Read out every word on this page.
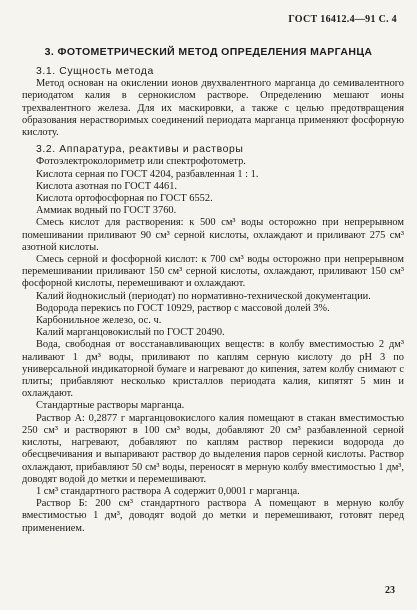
ГОСТ 16412.4—91 С. 4
3. ФОТОМЕТРИЧЕСКИЙ МЕТОД ОПРЕДЕЛЕНИЯ МАРГАНЦА

3.1. Сущность метода

Метод основан на окислении ионов двухвалентного марганца до семивалентного периодатом калия в сернокислом растворе. Определению мешают ионы трехвалентного железа. Для их маскировки, а также с целью предотвращения образования нерастворимых соединений периодата марганца применяют фосфорную кислоту.

3.2. Аппаратура, реактивы и растворы

Фотоэлектроколориметр или спектрофотометр.

Кислота серная по ГОСТ 4204, разбавленная 1 : 1.

Кислота азотная по ГОСТ 4461.

Кислота ортофосфорная по ГОСТ 6552.

Аммиак водный по ГОСТ 3760.

Смесь кислот для растворения: к 500 см³ воды осторожно при непрерывном помешивании приливают 90 см³ серной кислоты, охлаждают и приливают 275 см³ азотной кислоты.

Смесь серной и фосфорной кислот: к 700 см³ воды осторожно при непрерывном перемешивании приливают 150 см³ серной кислоты, охлаждают, приливают 150 см³ фосфорной кислоты, перемешивают и охлаждают.

Калий йоднокислый (периодат) по нормативно-технической документации.

Водорода перекись по ГОСТ 10929, раствор с массовой долей 3%.

Карбонильное железо, ос. ч.

Калий марганцовокислый по ГОСТ 20490.

Вода, свободная от восстанавливающих веществ: в колбу вместимостью 2 дм³ наливают 1 дм³ воды, приливают по каплям серную кислоту до pH 3 по универсальной индикаторной бумаге и нагревают до кипения, затем колбу снимают с плиты; прибавляют несколько кристаллов периодата калия, кипятят 5 мин и охлаждают.

Стандартные растворы марганца.

Раствор А: 0,2877 г марганцовокислого калия помещают в стакан вместимостью 250 см³ и растворяют в 100 см³ воды, добавляют 20 см³ разбавленной серной кислоты, нагревают, добавляют по каплям раствор перекиси водорода до обесцвечивания и выпаривают раствор до выделения паров серной кислоты. Раствор охлаждают, прибавляют 50 см³ воды, переносят в мерную колбу вместимостью 1 дм³, доводят водой до метки и перемешивают.

1 см³ стандартного раствора А содержит 0,0001 г марганца.

Раствор Б: 200 см³ стандартного раствора А помещают в мерную колбу вместимостью 1 дм³, доводят водой до метки и перемешивают, готовят перед применением.

23
